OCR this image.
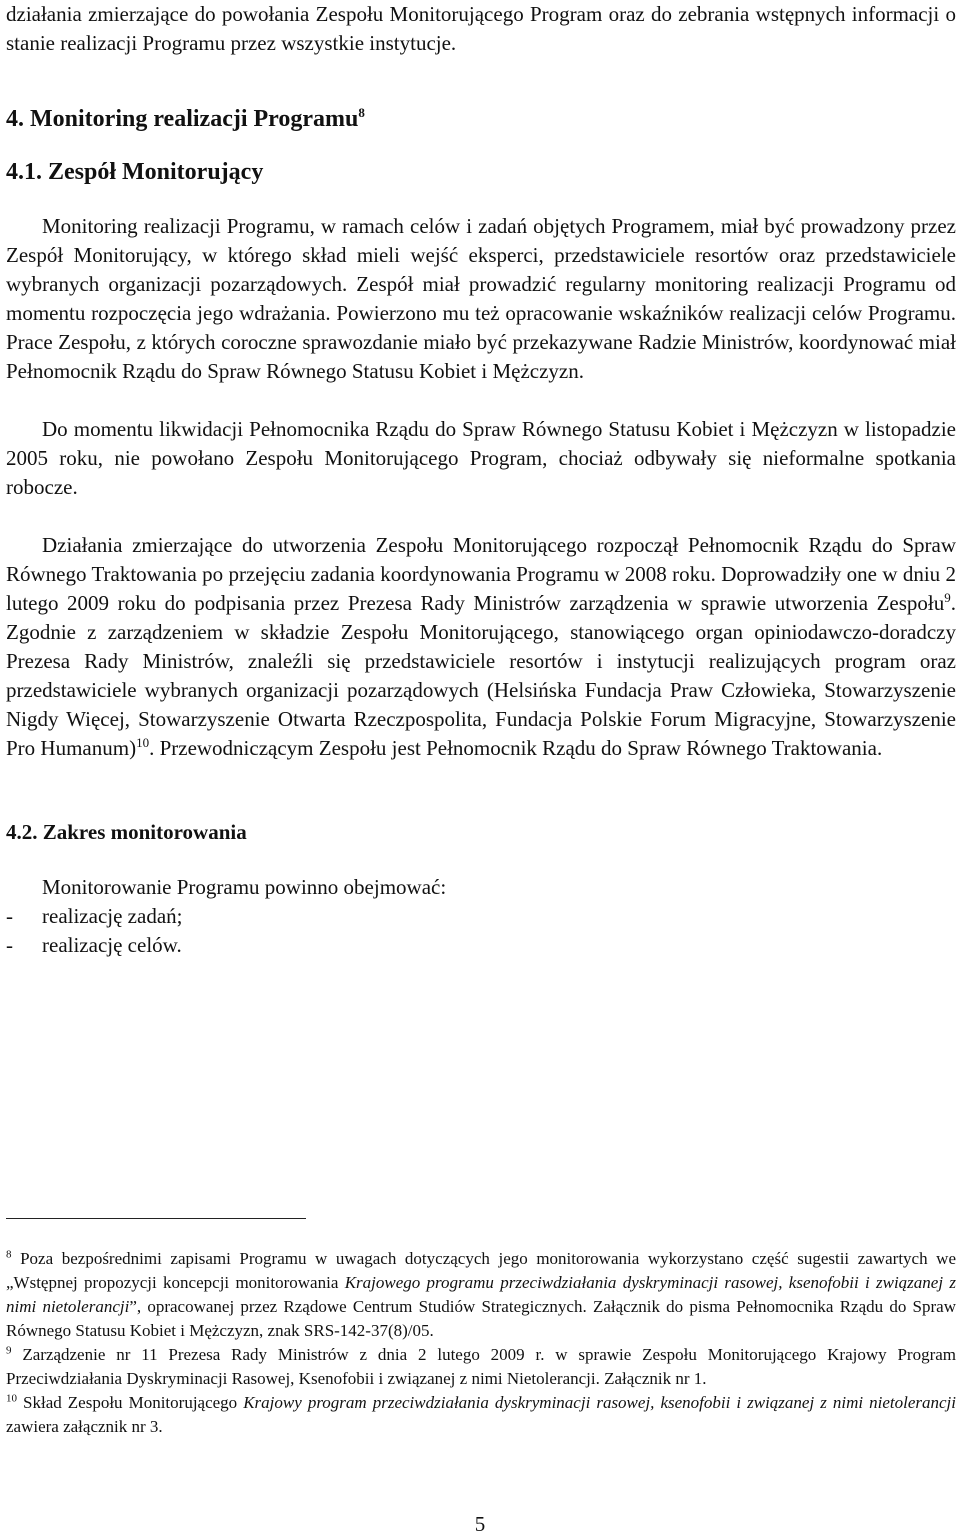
działania zmierzające do powołania Zespołu Monitorującego Program oraz do zebrania wstępnych informacji o stanie realizacji Programu przez wszystkie instytucje.

4. Monitoring realizacji Programu$^8$

4.1. Zespół Monitorujący

Monitoring realizacji Programu, w ramach celów i zadań objętych Programem, miał być prowadzony przez Zespół Monitorujący, w którego skład mieli wejść eksperci, przedstawiciele resortów oraz przedstawiciele wybranych organizacji pozarządowych. Zespół miał prowadzić regularny monitoring realizacji Programu od momentu rozpoczęcia jego wdrażania. Powierzono mu też opracowanie wskaźników realizacji celów Programu. Prace Zespołu, z których coroczne sprawozdanie miało być przekazywane Radzie Ministrów, koordynować miał Pełnomocnik Rządu do Spraw Równego Statusu Kobiet i Mężczyzn.

Do momentu likwidacji Pełnomocnika Rządu do Spraw Równego Statusu Kobiet i Mężczyzn w listopadzie 2005 roku, nie powołano Zespołu Monitorującego Program, chociaż odbywały się nieformalne spotkania robocze.

Działania zmierzające do utworzenia Zespołu Monitorującego rozpoczął Pełnomocnik Rządu do Spraw Równego Traktowania po przejęciu zadania koordynowania Programu w 2008 roku. Doprowadziły one w dniu 2 lutego 2009 roku do podpisania przez Prezesa Rady Ministrów zarządzenia w sprawie utworzenia Zespołu$^9$. Zgodnie z zarządzeniem w składzie Zespołu Monitorującego, stanowiącego organ opiniodawczo-doradczy Prezesa Rady Ministrów, znaleźli się przedstawiciele resortów i instytucji realizujących program oraz przedstawiciele wybranych organizacji pozarządowych (Helsińska Fundacja Praw Człowieka, Stowarzyszenie Nigdy Więcej, Stowarzyszenie Otwarta Rzeczpospolita, Fundacja Polskie Forum Migracyjne, Stowarzyszenie Pro Humanum)$^{10}$. Przewodniczącym Zespołu jest Pełnomocnik Rządu do Spraw Równego Traktowania.

4.2. Zakres monitorowania

Monitorowanie Programu powinno obejmować:

- realizację zadań;
- realizację celów.

$^8$ Poza bezpośrednimi zapisami Programu w uwagach dotyczących jego monitorowania wykorzystano część sugestii zawartych we „Wstępnej propozycji koncepcji monitorowania Krajowego programu przeciwdziałania dyskryminacji rasowej, ksenofobii i związanej z nimi nietolerancji”, opracowanej przez Rządowe Centrum Studiów Strategicznych. Załącznik do pisma Pełnomocnika Rządu do Spraw Równego Statusu Kobiet i Mężczyzn, znak SRS-142-37(8)/05.

$^9$ Zarządzenie nr 11 Prezesa Rady Ministrów z dnia 2 lutego 2009 r. w sprawie Zespołu Monitorującego Krajowy Program Przeciwdziałania Dyskryminacji Rasowej, Ksenofobii i związanej z nimi Nietolerancji. Załącznik nr 1.

$^{10}$ Skład Zespołu Monitorującego Krajowy program przeciwdziałania dyskryminacji rasowej, ksenofobii i związanej z nimi nietolerancji zawiera załącznik nr 3.

5
